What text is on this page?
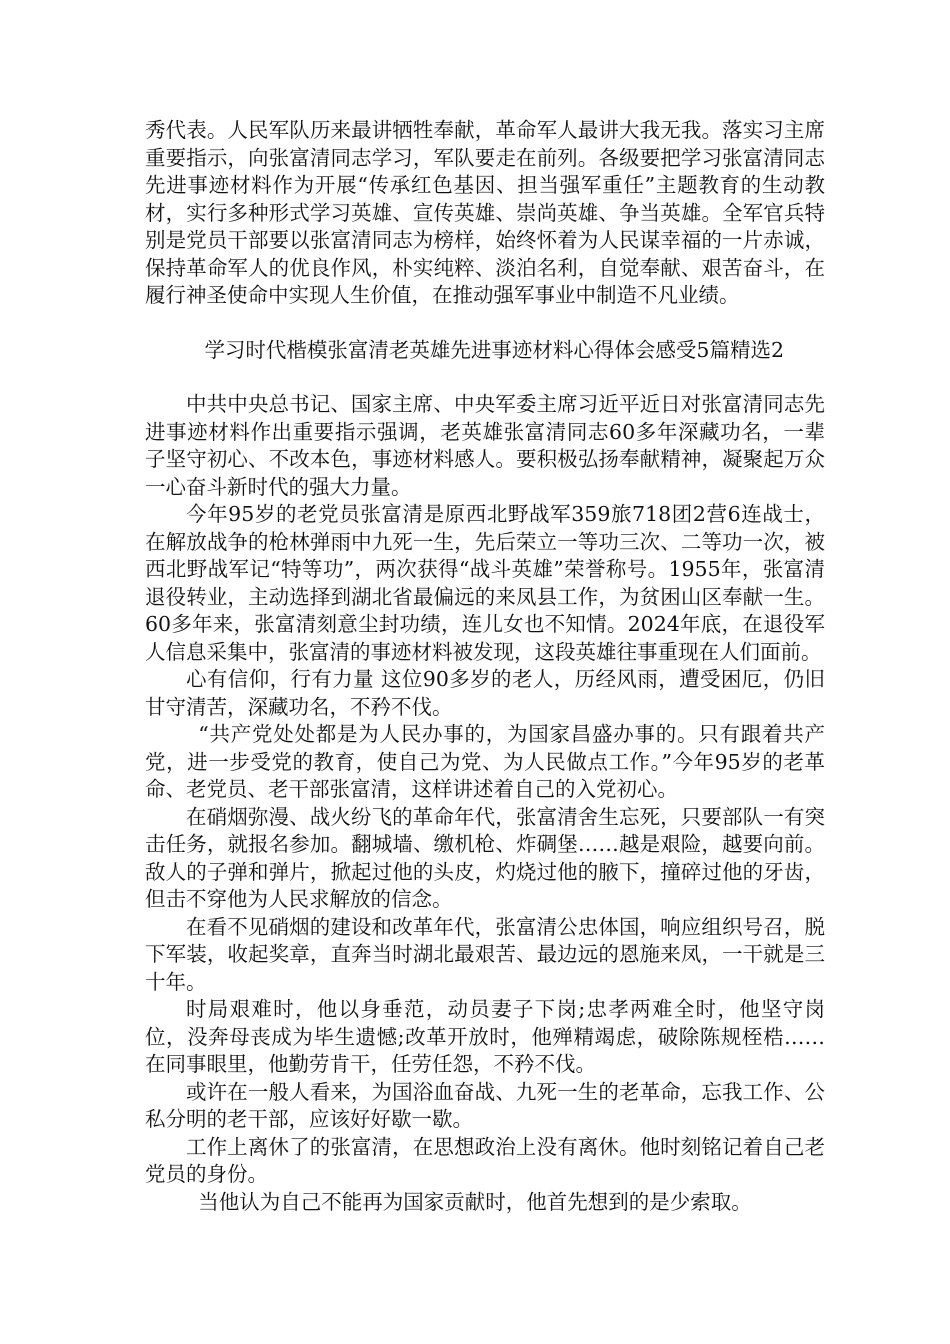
秀代表。人民军队历来最讲牺牲奉献，革命军人最讲大我无我。落实习主席重要指示，向张富清同志学习，军队要走在前列。各级要把学习张富清同志先进事迹材料作为开展“传承红色基因、担当强军重任”主题教育的生动教材，实行多种形式学习英雄、宣传英雄、崇尚英雄、争当英雄。全军官兵特别是党员干部要以张富清同志为榜样，始终怀着为人民谋幸福的一片赤诚，保持革命军人的优良作风，朴实纯粹、淡泊名利，自觉奉献、艰苦奋斗，在履行神圣使命中实现人生价值，在推动强军事业中制造不凡业绩。

学习时代楷模张富清老英雄先进事迹材料心得体会感受5篇精选2

中共中央总书记、国家主席、中央军委主席习近平近日对张富清同志先进事迹材料作出重要指示强调，老英雄张富清同志60多年深藏功名，一辈子坚守初心、不改本色，事迹材料感人。要积极弘扬奉献精神，凝聚起万众一心奋斗新时代的强大力量。

今年95岁的老党员张富清是原西北野战军359旅718团2营6连战士，在解放战争的枪林弹雨中九死一生，先后荣立一等功三次、二等功一次，被西北野战军记“特等功”，两次获得“战斗英雄”荣誉称号。1955年，张富清退役转业，主动选择到湖北省最偏远的来凤县工作，为贫困山区奉献一生。60多年来，张富清刻意尘封功绩，连儿女也不知情。2024年底，在退役军人信息采集中，张富清的事迹材料被发现，这段英雄往事重现在人们面前。

心有信仰，行有力量 这位90多岁的老人，历经风雨，遭受困厄，仍旧甘守清苦，深藏功名，不矜不伐。

“共产党处处都是为人民办事的，为国家昌盛办事的。只有跟着共产党，进一步受党的教育，使自己为党、为人民做点工作。”今年95岁的老革命、老党员、老干部张富清，这样讲述着自己的入党初心。

在硝烟弥漫、战火纷飞的革命年代，张富清舍生忘死，只要部队一有突击任务，就报名参加。翻城墙、缴机枪、炸碉堡……越是艰险，越要向前。敌人的子弹和弹片，掀起过他的头皮，灼烧过他的腋下，撞碎过他的牙齿，但击不穿他为人民求解放的信念。

在看不见硝烟的建设和改革年代，张富清公忠体国，响应组织号召，脱下军装，收起奖章，直奔当时湖北最艰苦、最边远的恩施来凤，一干就是三十年。

时局艰难时，他以身垂范，动员妻子下岗;忠孝两难全时，他坚守岗位，没奔母丧成为毕生遗憾;改革开放时，他殚精竭虑，破除陈规桎梏……在同事眼里，他勤劳肯干，任劳任怨，不矜不伐。

或许在一般人看来，为国浴血奋战、九死一生的老革命，忘我工作、公私分明的老干部，应该好好歇一歇。

工作上离休了的张富清，在思想政治上没有离休。他时刻铭记着自己老党员的身份。

当他认为自己不能再为国家贡献时，他首先想到的是少索取。
